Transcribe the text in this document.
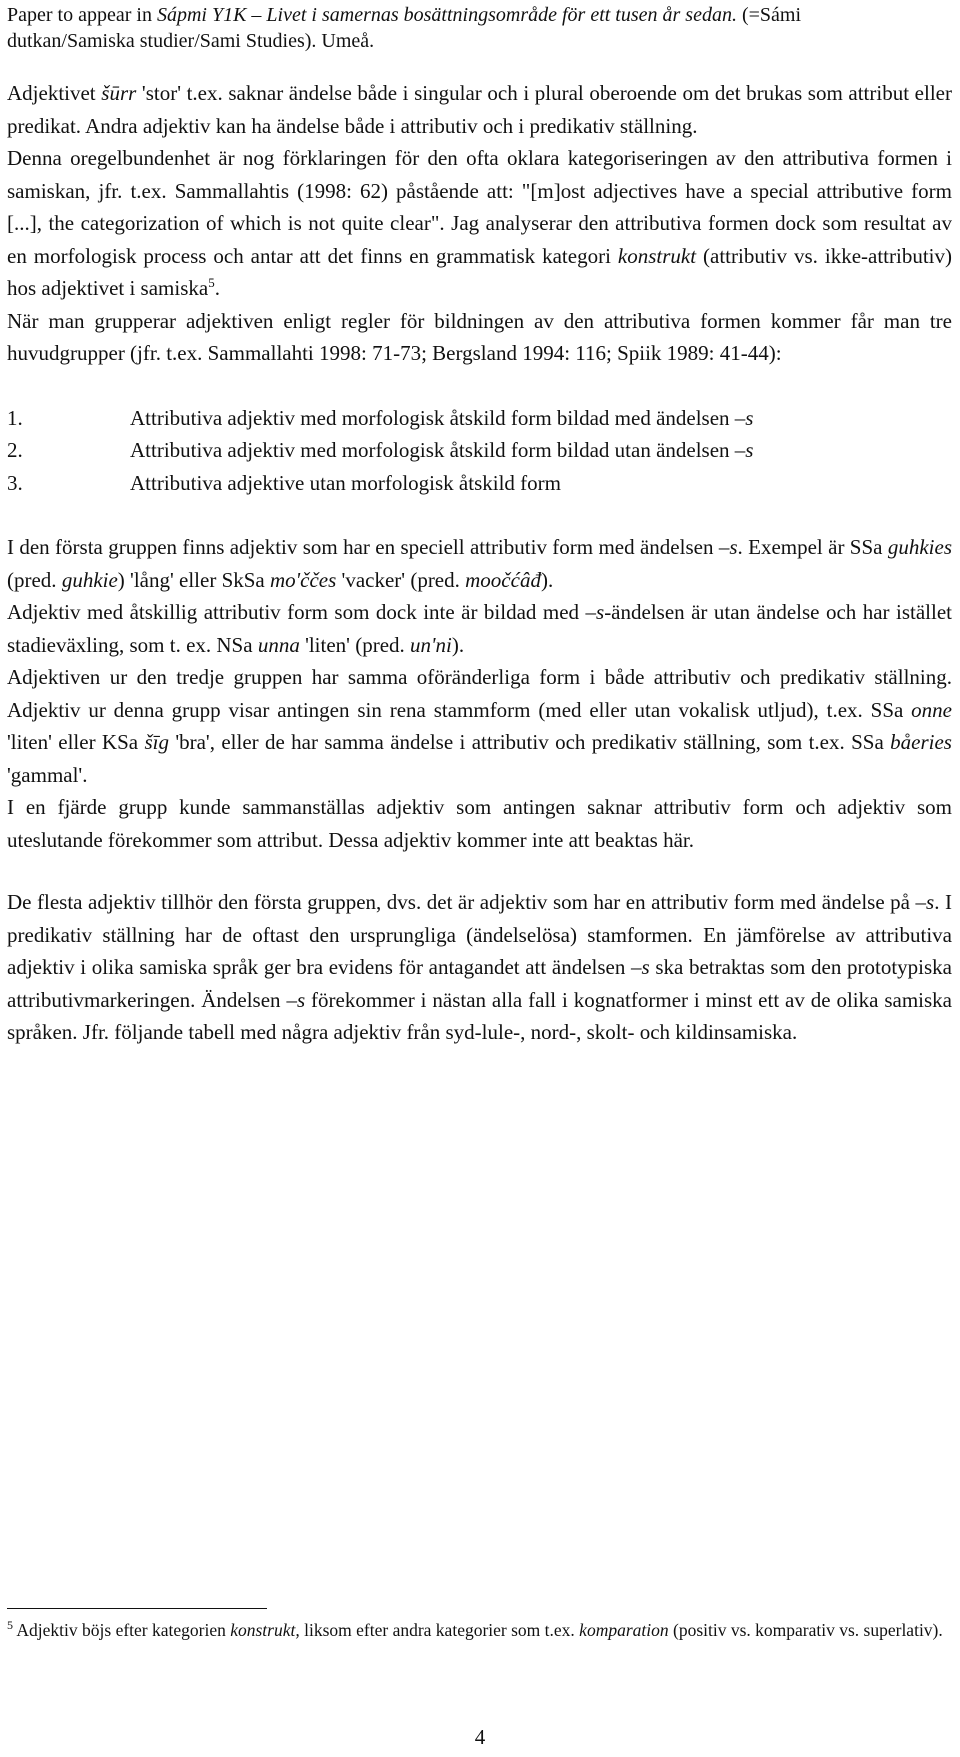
Paper to appear in Sápmi Y1K – Livet i samernas bosättningsområde för ett tusen år sedan. (=Sámi
dutkan/Samiska studier/Sami Studies). Umeå.

Adjektivet šūrr 'stor' t.ex. saknar ändelse både i singular och i plural oberoende om det brukas som attribut eller predikat. Andra adjektiv kan ha ändelse både i attributiv och i predikativ ställning.

Denna oregelbundenhet är nog förklaringen för den ofta oklara kategoriseringen av den attributiva formen i samiskan, jfr. t.ex. Sammallahtis (1998: 62) påstående att: "[m]ost adjectives have a special attributive form [...], the categorization of which is not quite clear". Jag analyserar den attributiva formen dock som resultat av en morfologisk process och antar att det finns en grammatisk kategori konstrukt (attributiv vs. ikke-attributiv) hos adjektivet i samiska$^5$.

När man grupperar adjektiven enligt regler för bildningen av den attributiva formen kommer får man tre huvudgrupper (jfr. t.ex. Sammallahti 1998: 71-73; Bergsland 1994: 116; Spiik 1989: 41-44):

1.	Attributiva adjektiv med morfologisk åtskild form bildad med ändelsen –s
2.	Attributiva adjektiv med morfologisk åtskild form bildad utan ändelsen –s
3.	Attributiva adjektive utan morfologisk åtskild form

I den första gruppen finns adjektiv som har en speciell attributiv form med ändelsen –s. Exempel är SSa guhkies (pred. guhkie) 'lång' eller SkSa mo'ččes 'vacker' (pred. moočćâđ).

Adjektiv med åtskillig attributiv form som dock inte är bildad med –s-ändelsen är utan ändelse och har istället stadieväxling, som t. ex. NSa unna 'liten' (pred. un'ni).

Adjektiven ur den tredje gruppen har samma oföränderliga form i både attributiv och predikativ ställning. Adjektiv ur denna grupp visar antingen sin rena stammform (med eller utan vokalisk utljud), t.ex. SSa onne 'liten' eller KSa šīg 'bra', eller de har samma ändelse i attributiv och predikativ ställning, som t.ex. SSa båeries 'gammal'.

I en fjärde grupp kunde sammanställas adjektiv som antingen saknar attributiv form och adjektiv som uteslutande förekommer som attribut. Dessa adjektiv kommer inte att beaktas här.

De flesta adjektiv tillhör den första gruppen, dvs. det är adjektiv som har en attributiv form med ändelse på –s. I predikativ ställning har de oftast den ursprungliga (ändelselösa) stamformen. En jämförelse av attributiva adjektiv i olika samiska språk ger bra evidens för antagandet att ändelsen –s ska betraktas som den prototypiska attributivmarkeringen. Ändelsen –s förekommer i nästan alla fall i kognatformer i minst ett av de olika samiska språken. Jfr. följande tabell med några adjektiv från syd-lule-, nord-, skolt- och kildinsamiska.

$^5$ Adjektiv böjs efter kategorien konstrukt, liksom efter andra kategorier som t.ex. komparation (positiv vs. komparativ vs. superlativ).
4
